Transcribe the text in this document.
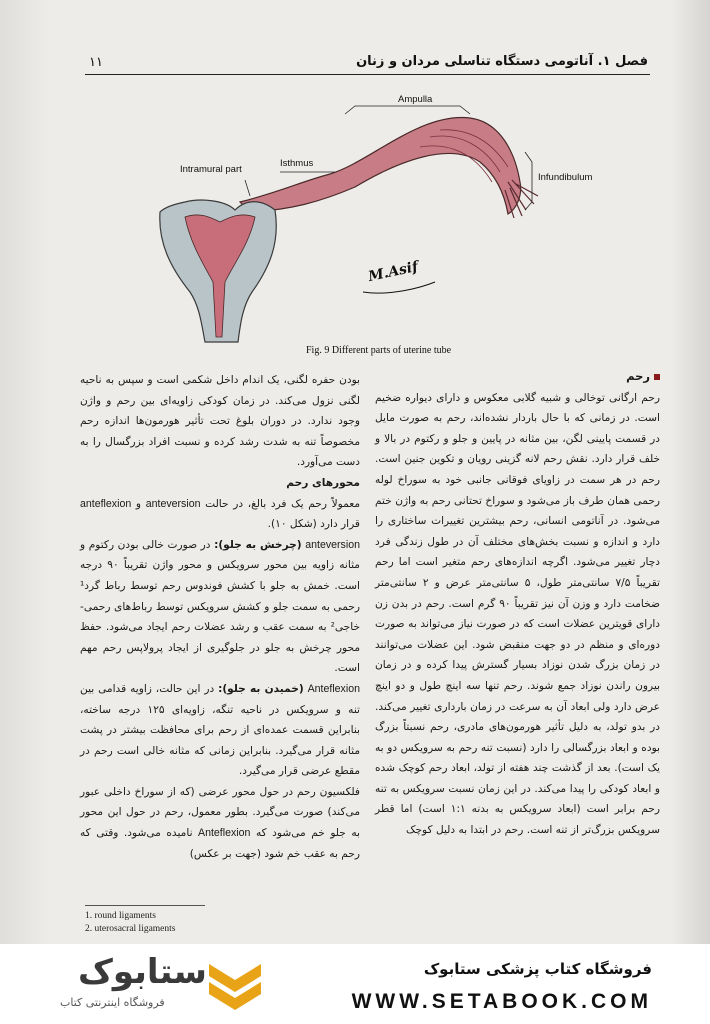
۱۱	فصل ۱. آناتومی دستگاه تناسلی مردان و زنان
Ampulla
Intramural part
Isthmus
Infundibulum
M.Asif
Fig. 9 Different parts of uterine tube

رحم

رحم ارگانی توخالی و شبیه گلابی معکوس و دارای دیواره ضخیم است. در زمانی که با حال باردار نشده‌اند، رحم به صورت مایل در قسمت پایینی لگن، بین مثانه در پایین و جلو و رکتوم در بالا و خلف قرار دارد. نقش رحم لانه گزینی رویان و تکوین جنین است. رحم در هر سمت در زاویای فوقانی جانبی خود به سوراخ لوله رحمی همان طرف باز می‌شود و سوراخ تحتانی رحم به واژن ختم می‌شود. در آناتومی انسانی، رحم بیشترین تغییرات ساختاری را دارد و اندازه و نسبت بخش‌های مختلف آن در طول زندگی فرد دچار تغییر می‌شود. اگرچه اندازه‌های رحم متغیر است اما رحم تقریباً ۷/۵ سانتی‌متر طول، ۵ سانتی‌متر عرض و ۲ سانتی‌متر ضخامت دارد و وزن آن نیز تقریباً ۹۰ گرم است. رحم در بدن زن دارای قویترین عضلات است که در صورت نیاز می‌تواند به صورت دوره‌ای و منظم در دو جهت منقبض شود. این عضلات می‌توانند در زمان بزرگ شدن نوزاد بسیار گسترش پیدا کرده و در زمان بیرون راندن نوزاد جمع شوند. رحم تنها سه اینچ طول و دو اینچ عرض دارد ولی ابعاد آن به سرعت در زمان بارداری تغییر می‌کند. در بدو تولد، به دلیل تأثیر هورمون‌های مادری، رحم نسبتاً بزرگ بوده و ابعاد بزرگسالی را دارد (نسبت تنه رحم به سرویکس دو به یک است). بعد از گذشت چند هفته از تولد، ابعاد رحم کوچک شده و ابعاد کودکی را پیدا می‌کند. در این زمان نسبت سرویکس به تنه رحم برابر است (ابعاد سرویکس به بدنه ۱:۱ است) اما قطر سرویکس بزرگ‌تر از تنه است. رحم در ابتدا به دلیل کوچک

بودن حفره لگنی، یک اندام داخل شکمی است و سپس به ناحیه لگنی نزول می‌کند. در زمان کودکی زاویه‌ای بین رحم و واژن وجود ندارد. در دوران بلوغ تحت تأثیر هورمون‌ها اندازه رحم مخصوصاً تنه به شدت رشد کرده و نسبت افراد بزرگسال را به دست می‌آورد.

محورهای رحم

معمولاً رحم یک فرد بالغ، در حالت anteversion و anteflexion قرار دارد (شکل ۱۰).

anteversion (چرخش به جلو): در صورت خالی بودن رکتوم و مثانه زاویه بین محور سرویکس و محور واژن تقریباً ۹۰ درجه است. خمش به جلو با کشش فوندوس رحم توسط رباط گرد¹ رحمی به سمت جلو و کشش سرویکس توسط رباط‌های رحمی-خاجی² به سمت عقب و رشد عضلات رحم ایجاد می‌شود. حفظ محور چرخش به جلو در جلوگیری از ایجاد پرولاپس رحم مهم است.

Anteflexion (خمیدن به جلو): در این حالت، زاویه قدامی بین تنه و سرویکس در ناحیه تنگه، زاویه‌ای ۱۲۵ درجه ساخته، بنابراین قسمت عمده‌ای از رحم برای محافظت بیشتر در پشت مثانه قرار می‌گیرد. بنابراین زمانی که مثانه خالی است رحم در مقطع عرضی قرار می‌گیرد.

فلکسیون رحم در حول محور عرضی (که از سوراخ داخلی عبور می‌کند) صورت می‌گیرد. بطور معمول، رحم در حول این محور به جلو خم می‌شود که Anteflexion نامیده می‌شود. وقتی که رحم به عقب خم شود (جهت بر عکس)

1. round ligaments
2. uterosacral ligaments
ستابوک
فروشگاه اینترنتی کتاب
فروشگاه کتاب پزشکی ستابوک
WWW.SETABOOK.COM
